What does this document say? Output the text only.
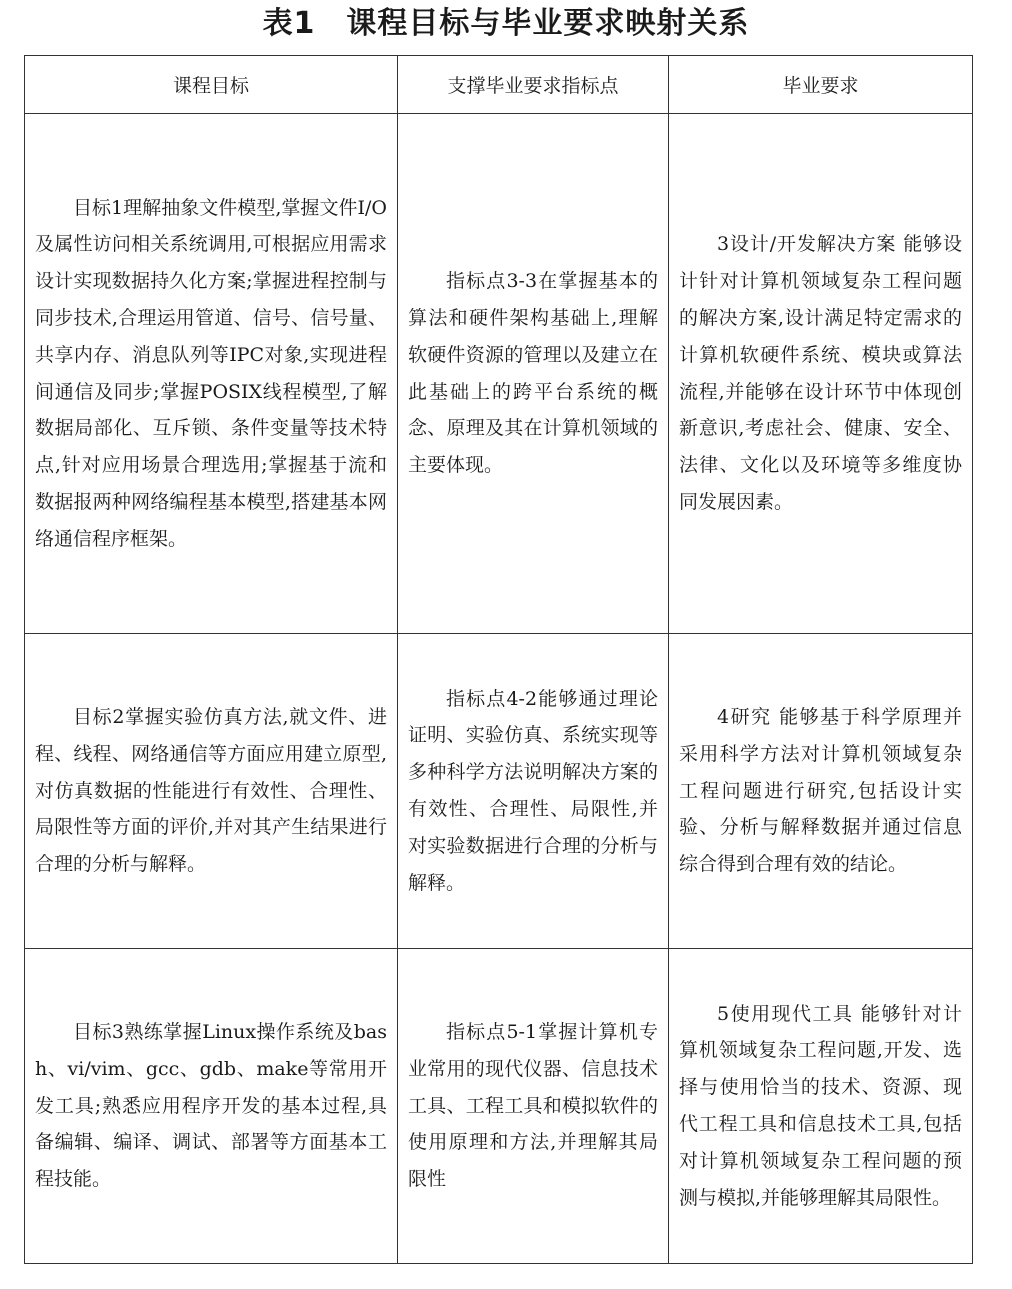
表1　课程目标与毕业要求映射关系
课程目标	支撑毕业要求指标点	毕业要求

目标1理解抽象文件模型,掌握文件I/O及属性访问相关系统调用,可根据应用需求设计实现数据持久化方案;掌握进程控制与同步技术,合理运用管道、信号、信号量、共享内存、消息队列等IPC对象,实现进程间通信及同步;掌握POSIX线程模型,了解数据局部化、互斥锁、条件变量等技术特点,针对应用场景合理选用;掌握基于流和数据报两种网络编程基本模型,搭建基本网络通信程序框架。	指标点3-3在掌握基本的算法和硬件架构基础上,理解软硬件资源的管理以及建立在此基础上的跨平台系统的概念、原理及其在计算机领域的主要体现。	3设计/开发解决方案 能够设计针对计算机领域复杂工程问题的解决方案,设计满足特定需求的计算机软硬件系统、模块或算法流程,并能够在设计环节中体现创新意识,考虑社会、健康、安全、法律、文化以及环境等多维度协同发展因素。

目标2掌握实验仿真方法,就文件、进程、线程、网络通信等方面应用建立原型,对仿真数据的性能进行有效性、合理性、局限性等方面的评价,并对其产生结果进行合理的分析与解释。	指标点4-2能够通过理论证明、实验仿真、系统实现等多种科学方法说明解决方案的有效性、合理性、局限性,并对实验数据进行合理的分析与解释。	4研究 能够基于科学原理并采用科学方法对计算机领域复杂工程问题进行研究,包括设计实验、分析与解释数据并通过信息综合得到合理有效的结论。

目标3熟练掌握Linux操作系统及bash、vi/vim、gcc、gdb、make等常用开发工具;熟悉应用程序开发的基本过程,具备编辑、编译、调试、部署等方面基本工程技能。	指标点5-1掌握计算机专业常用的现代仪器、信息技术工具、工程工具和模拟软件的使用原理和方法,并理解其局限性	5使用现代工具 能够针对计算机领域复杂工程问题,开发、选择与使用恰当的技术、资源、现代工程工具和信息技术工具,包括对计算机领域复杂工程问题的预测与模拟,并能够理解其局限性。
